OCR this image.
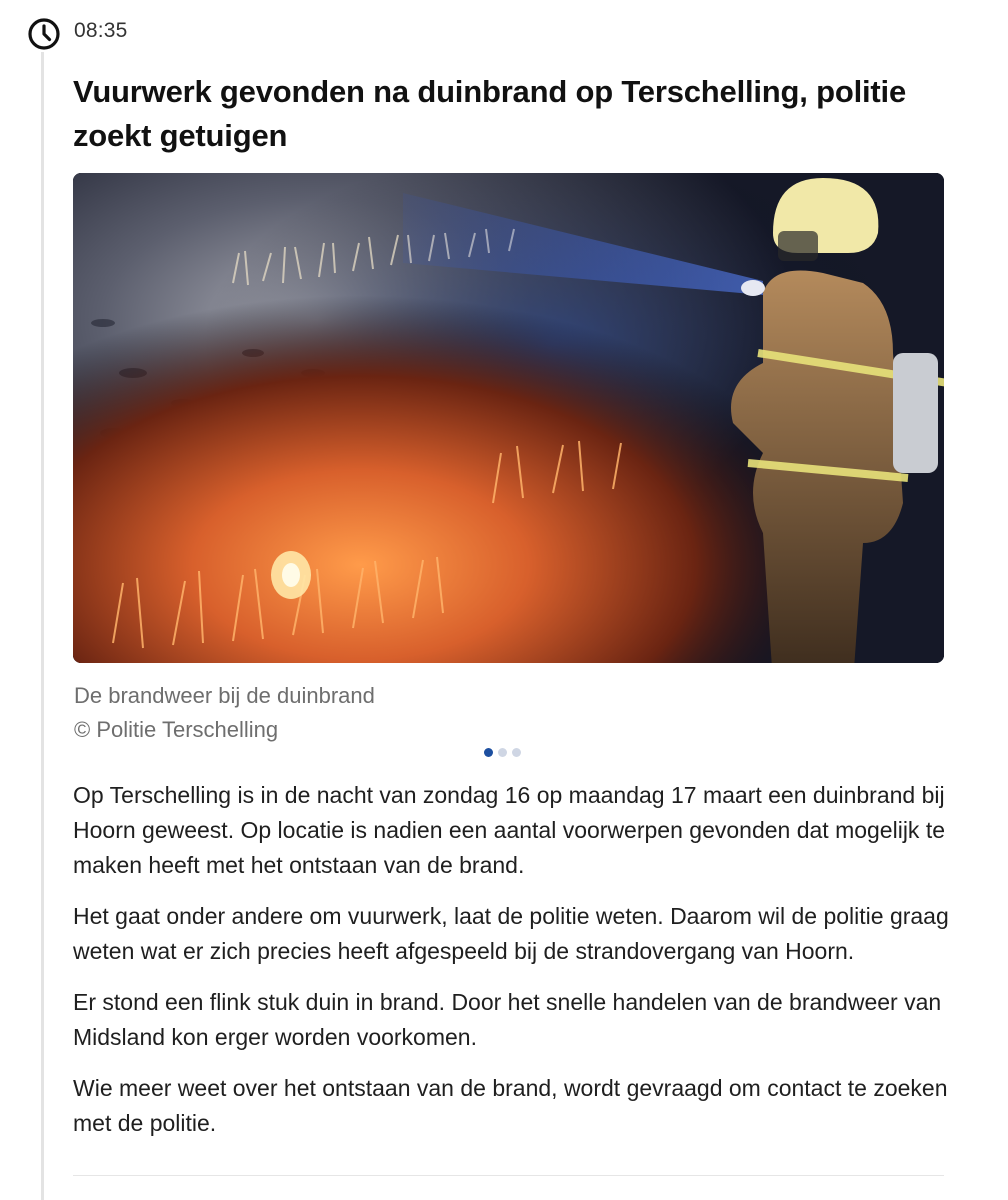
08:35
Vuurwerk gevonden na duinbrand op Terschelling, politie zoekt getuigen
De brandweer bij de duinbrand
© Politie Terschelling

Op Terschelling is in de nacht van zondag 16 op maandag 17 maart een duinbrand bij Hoorn geweest. Op locatie is nadien een aantal voorwerpen gevonden dat mogelijk te maken heeft met het ontstaan van de brand.

Het gaat onder andere om vuurwerk, laat de politie weten. Daarom wil de politie graag weten wat er zich precies heeft afgespeeld bij de strandovergang van Hoorn.

Er stond een flink stuk duin in brand. Door het snelle handelen van de brandweer van Midsland kon erger worden voorkomen.

Wie meer weet over het ontstaan van de brand, wordt gevraagd om contact te zoeken met de politie.
